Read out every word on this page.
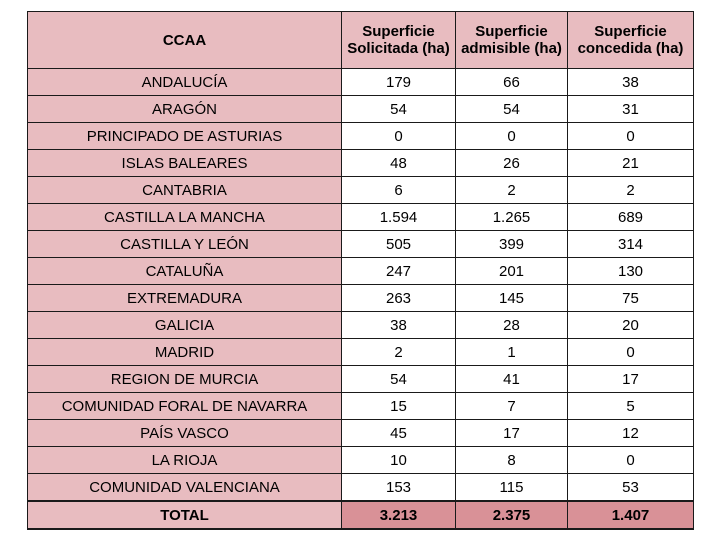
CCAA	Superficie Solicitada (ha)	Superficie admisible (ha)	Superficie concedida (ha)
ANDALUCÍA	179	66	38
ARAGÓN	54	54	31
PRINCIPADO DE ASTURIAS	0	0	0
ISLAS BALEARES	48	26	21
CANTABRIA	6	2	2
CASTILLA LA MANCHA	1.594	1.265	689
CASTILLA Y LEÓN	505	399	314
CATALUÑA	247	201	130
EXTREMADURA	263	145	75
GALICIA	38	28	20
MADRID	2	1	0
REGION DE MURCIA	54	41	17
COMUNIDAD FORAL DE NAVARRA	15	7	5
PAÍS VASCO	45	17	12
LA RIOJA	10	8	0
COMUNIDAD VALENCIANA	153	115	53
TOTAL	3.213	2.375	1.407
